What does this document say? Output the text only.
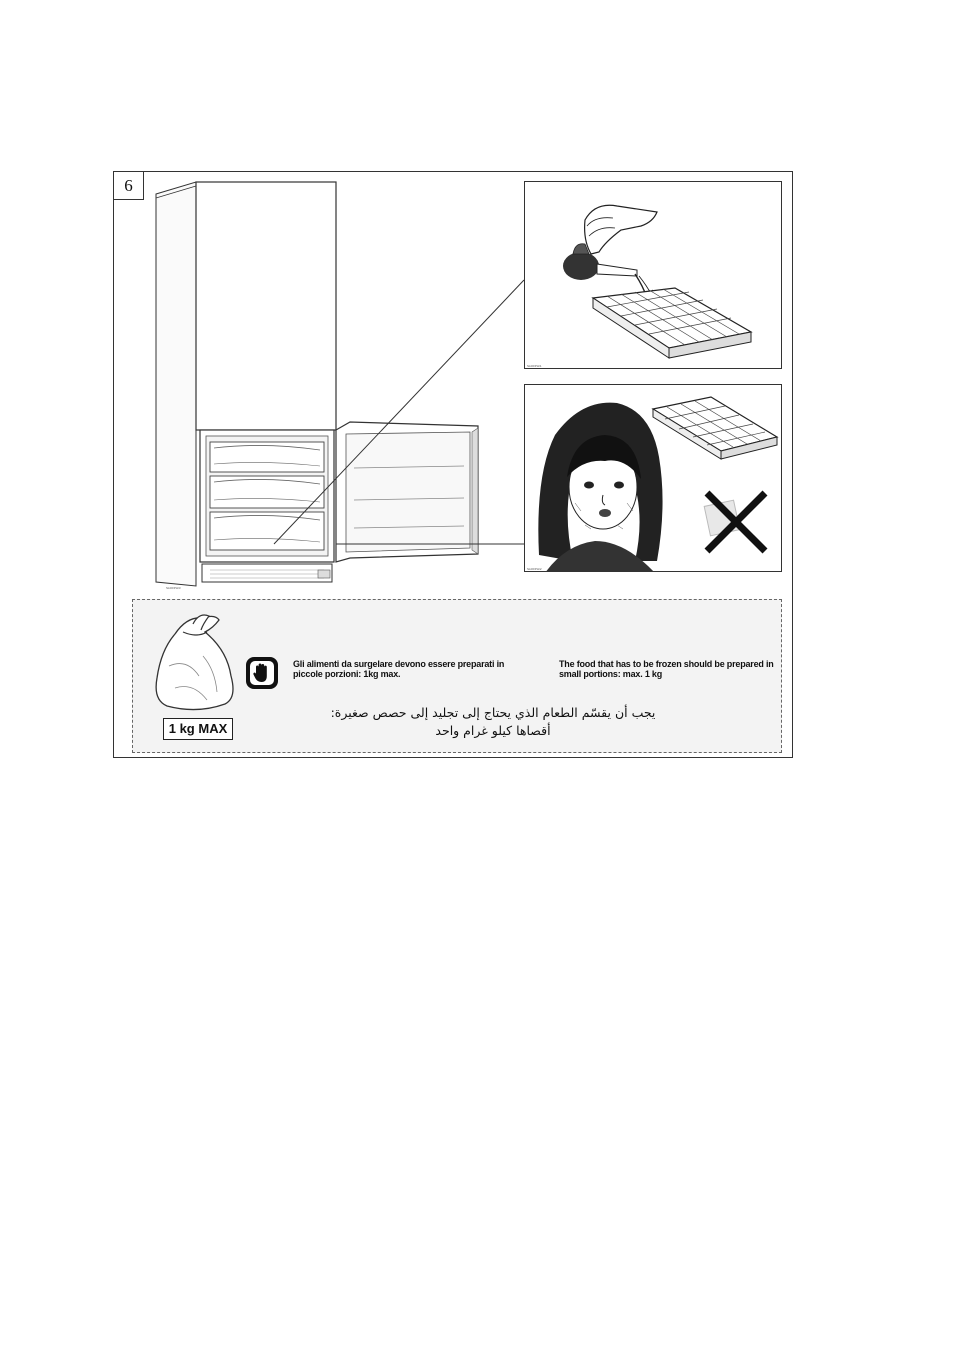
SL00/PH/3
6
SL00/PH/1
SL00/PH/2
1 kg MAX
Gli alimenti da surgelare devono essere preparati in piccole porzioni: 1kg max.
The food that has to be frozen should be prepared in small portions: max. 1 kg
يجب أن يقسّم الطعام الذي يحتاج إلى تجليد إلى حصص صغيرة:
أقصاها كيلو غرام واحد
